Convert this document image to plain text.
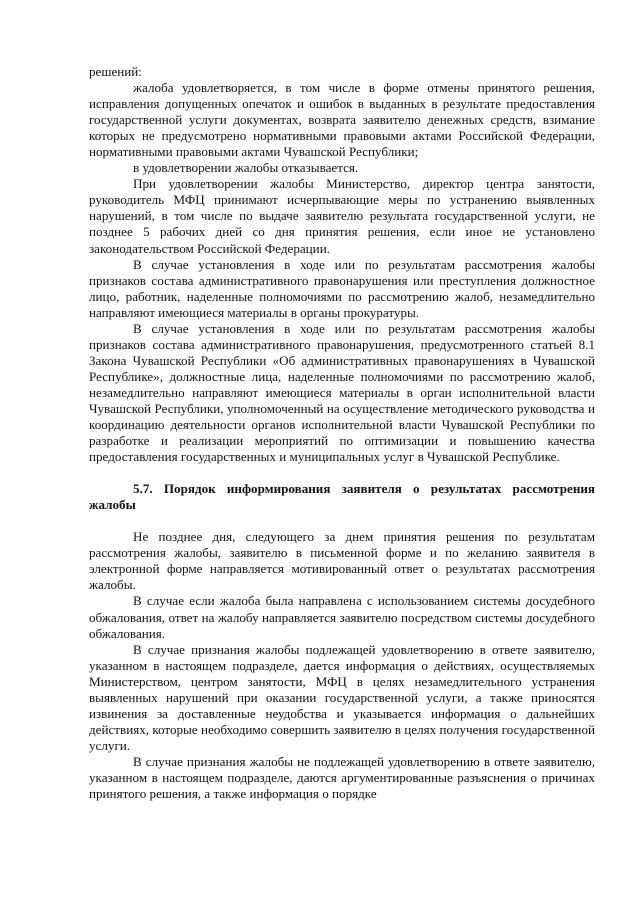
решений:

жалоба удовлетворяется, в том числе в форме отмены принятого решения, исправления допущенных опечаток и ошибок в выданных в результате предоставления государственной услуги документах, возврата заявителю денежных средств, взимание которых не предусмотрено нормативными правовыми актами Российской Федерации, нормативными правовыми актами Чувашской Республики;

в удовлетворении жалобы отказывается.

При удовлетворении жалобы Министерство, директор центра занятости, руководитель МФЦ принимают исчерпывающие меры по устранению выявленных нарушений, в том числе по выдаче заявителю результата государственной услуги, не позднее 5 рабочих дней со дня принятия решения, если иное не установлено законодательством Российской Федерации.

В случае установления в ходе или по результатам рассмотрения жалобы признаков состава административного правонарушения или преступления должностное лицо, работник, наделенные полномочиями по рассмотрению жалоб, незамедлительно направляют имеющиеся материалы в органы прокуратуры.

В случае установления в ходе или по результатам рассмотрения жалобы признаков состава административного правонарушения, предусмотренного статьей 8.1 Закона Чувашской Республики «Об административных правонарушениях в Чувашской Республике», должностные лица, наделенные полномочиями по рассмотрению жалоб, незамедлительно направляют имеющиеся материалы в орган исполнительной власти Чувашской Республики, уполномоченный на осуществление методического руководства и координацию деятельности органов исполнительной власти Чувашской Республики по разработке и реализации мероприятий по оптимизации и повышению качества предоставления государственных и муниципальных услуг в Чувашской Республике.

5.7. Порядок информирования заявителя о результатах рассмотрения жалобы

Не позднее дня, следующего за днем принятия решения по результатам рассмотрения жалобы, заявителю в письменной форме и по желанию заявителя в электронной форме направляется мотивированный ответ о результатах рассмотрения жалобы.

В случае если жалоба была направлена с использованием системы досудебного обжалования, ответ на жалобу направляется заявителю посредством системы досудебного обжалования.

В случае признания жалобы подлежащей удовлетворению в ответе заявителю, указанном в настоящем подразделе, дается информация о действиях, осуществляемых Министерством, центром занятости, МФЦ в целях незамедлительного устранения выявленных нарушений при оказании государственной услуги, а также приносятся извинения за доставленные неудобства и указывается информация о дальнейших действиях, которые необходимо совершить заявителю в целях получения государственной услуги.

В случае признания жалобы не подлежащей удовлетворению в ответе заявителю, указанном в настоящем подразделе, даются аргументированные разъяснения о причинах принятого решения, а также информация о порядке
